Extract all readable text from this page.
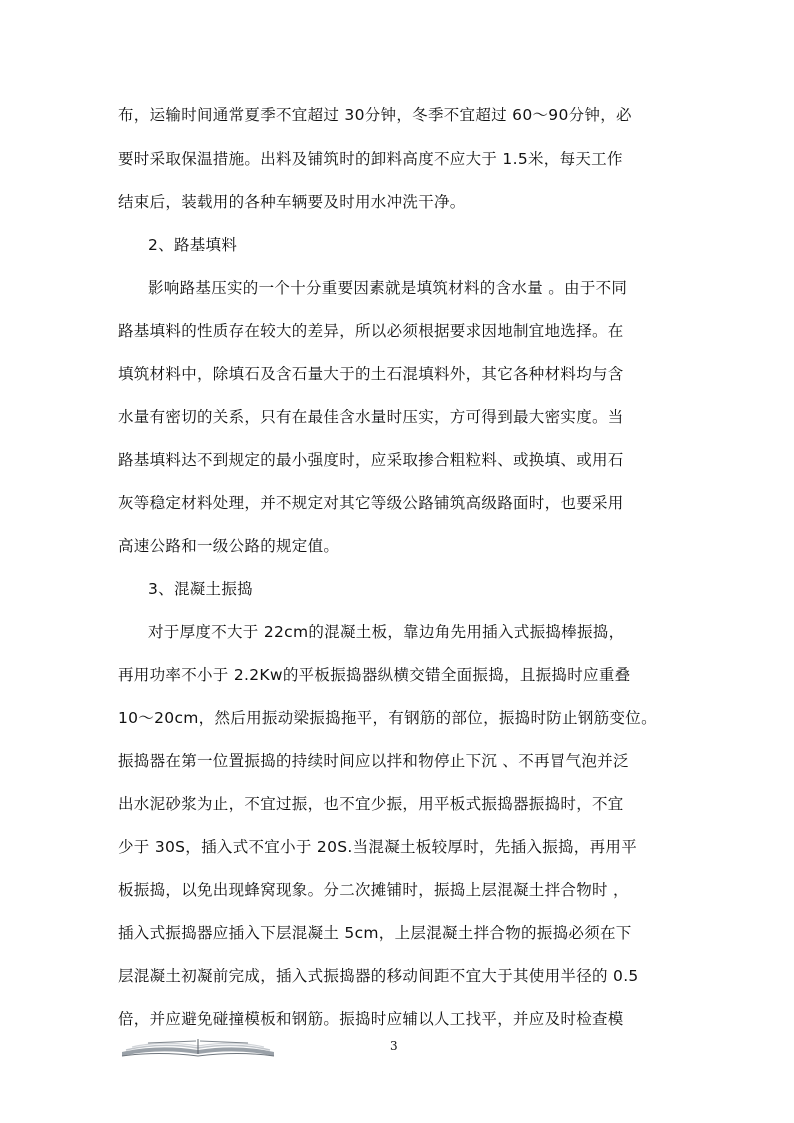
布，运输时间通常夏季不宜超过 30分钟，冬季不宜超过 60～90分钟，必
要时采取保温措施。出料及铺筑时的卸料高度不应大于 1.5米，每天工作
结束后，装载用的各种车辆要及时用水冲洗干净。
2、路基填料
影响路基压实的一个十分重要因素就是填筑材料的含水量 。由于不同
路基填料的性质存在较大的差异，所以必须根据要求因地制宜地选择。在
填筑材料中，除填石及含石量大于的土石混填料外，其它各种材料均与含
水量有密切的关系，只有在最佳含水量时压实，方可得到最大密实度。当
路基填料达不到规定的最小强度时，应采取掺合粗粒料、或换填、或用石
灰等稳定材料处理，并不规定对其它等级公路铺筑高级路面时，也要采用
高速公路和一级公路的规定值。
3、混凝土振捣
对于厚度不大于 22cm的混凝土板，靠边角先用插入式振捣棒振捣，
再用功率不小于 2.2Kw的平板振捣器纵横交错全面振捣，且振捣时应重叠
10～20cm，然后用振动梁振捣拖平，有钢筋的部位，振捣时防止钢筋变位。
振捣器在第一位置振捣的持续时间应以拌和物停止下沉 、不再冒气泡并泛
出水泥砂浆为止，不宜过振，也不宜少振，用平板式振捣器振捣时，不宜
少于 30S，插入式不宜小于 20S.当混凝土板较厚时，先插入振捣，再用平
板振捣，以免出现蜂窝现象。分二次摊铺时，振捣上层混凝土拌合物时 ，
插入式振捣器应插入下层混凝土 5cm，上层混凝土拌合物的振捣必须在下
层混凝土初凝前完成，插入式振捣器的移动间距不宜大于其使用半径的 0.5
倍，并应避免碰撞模板和钢筋。振捣时应辅以人工找平，并应及时检查模
3
